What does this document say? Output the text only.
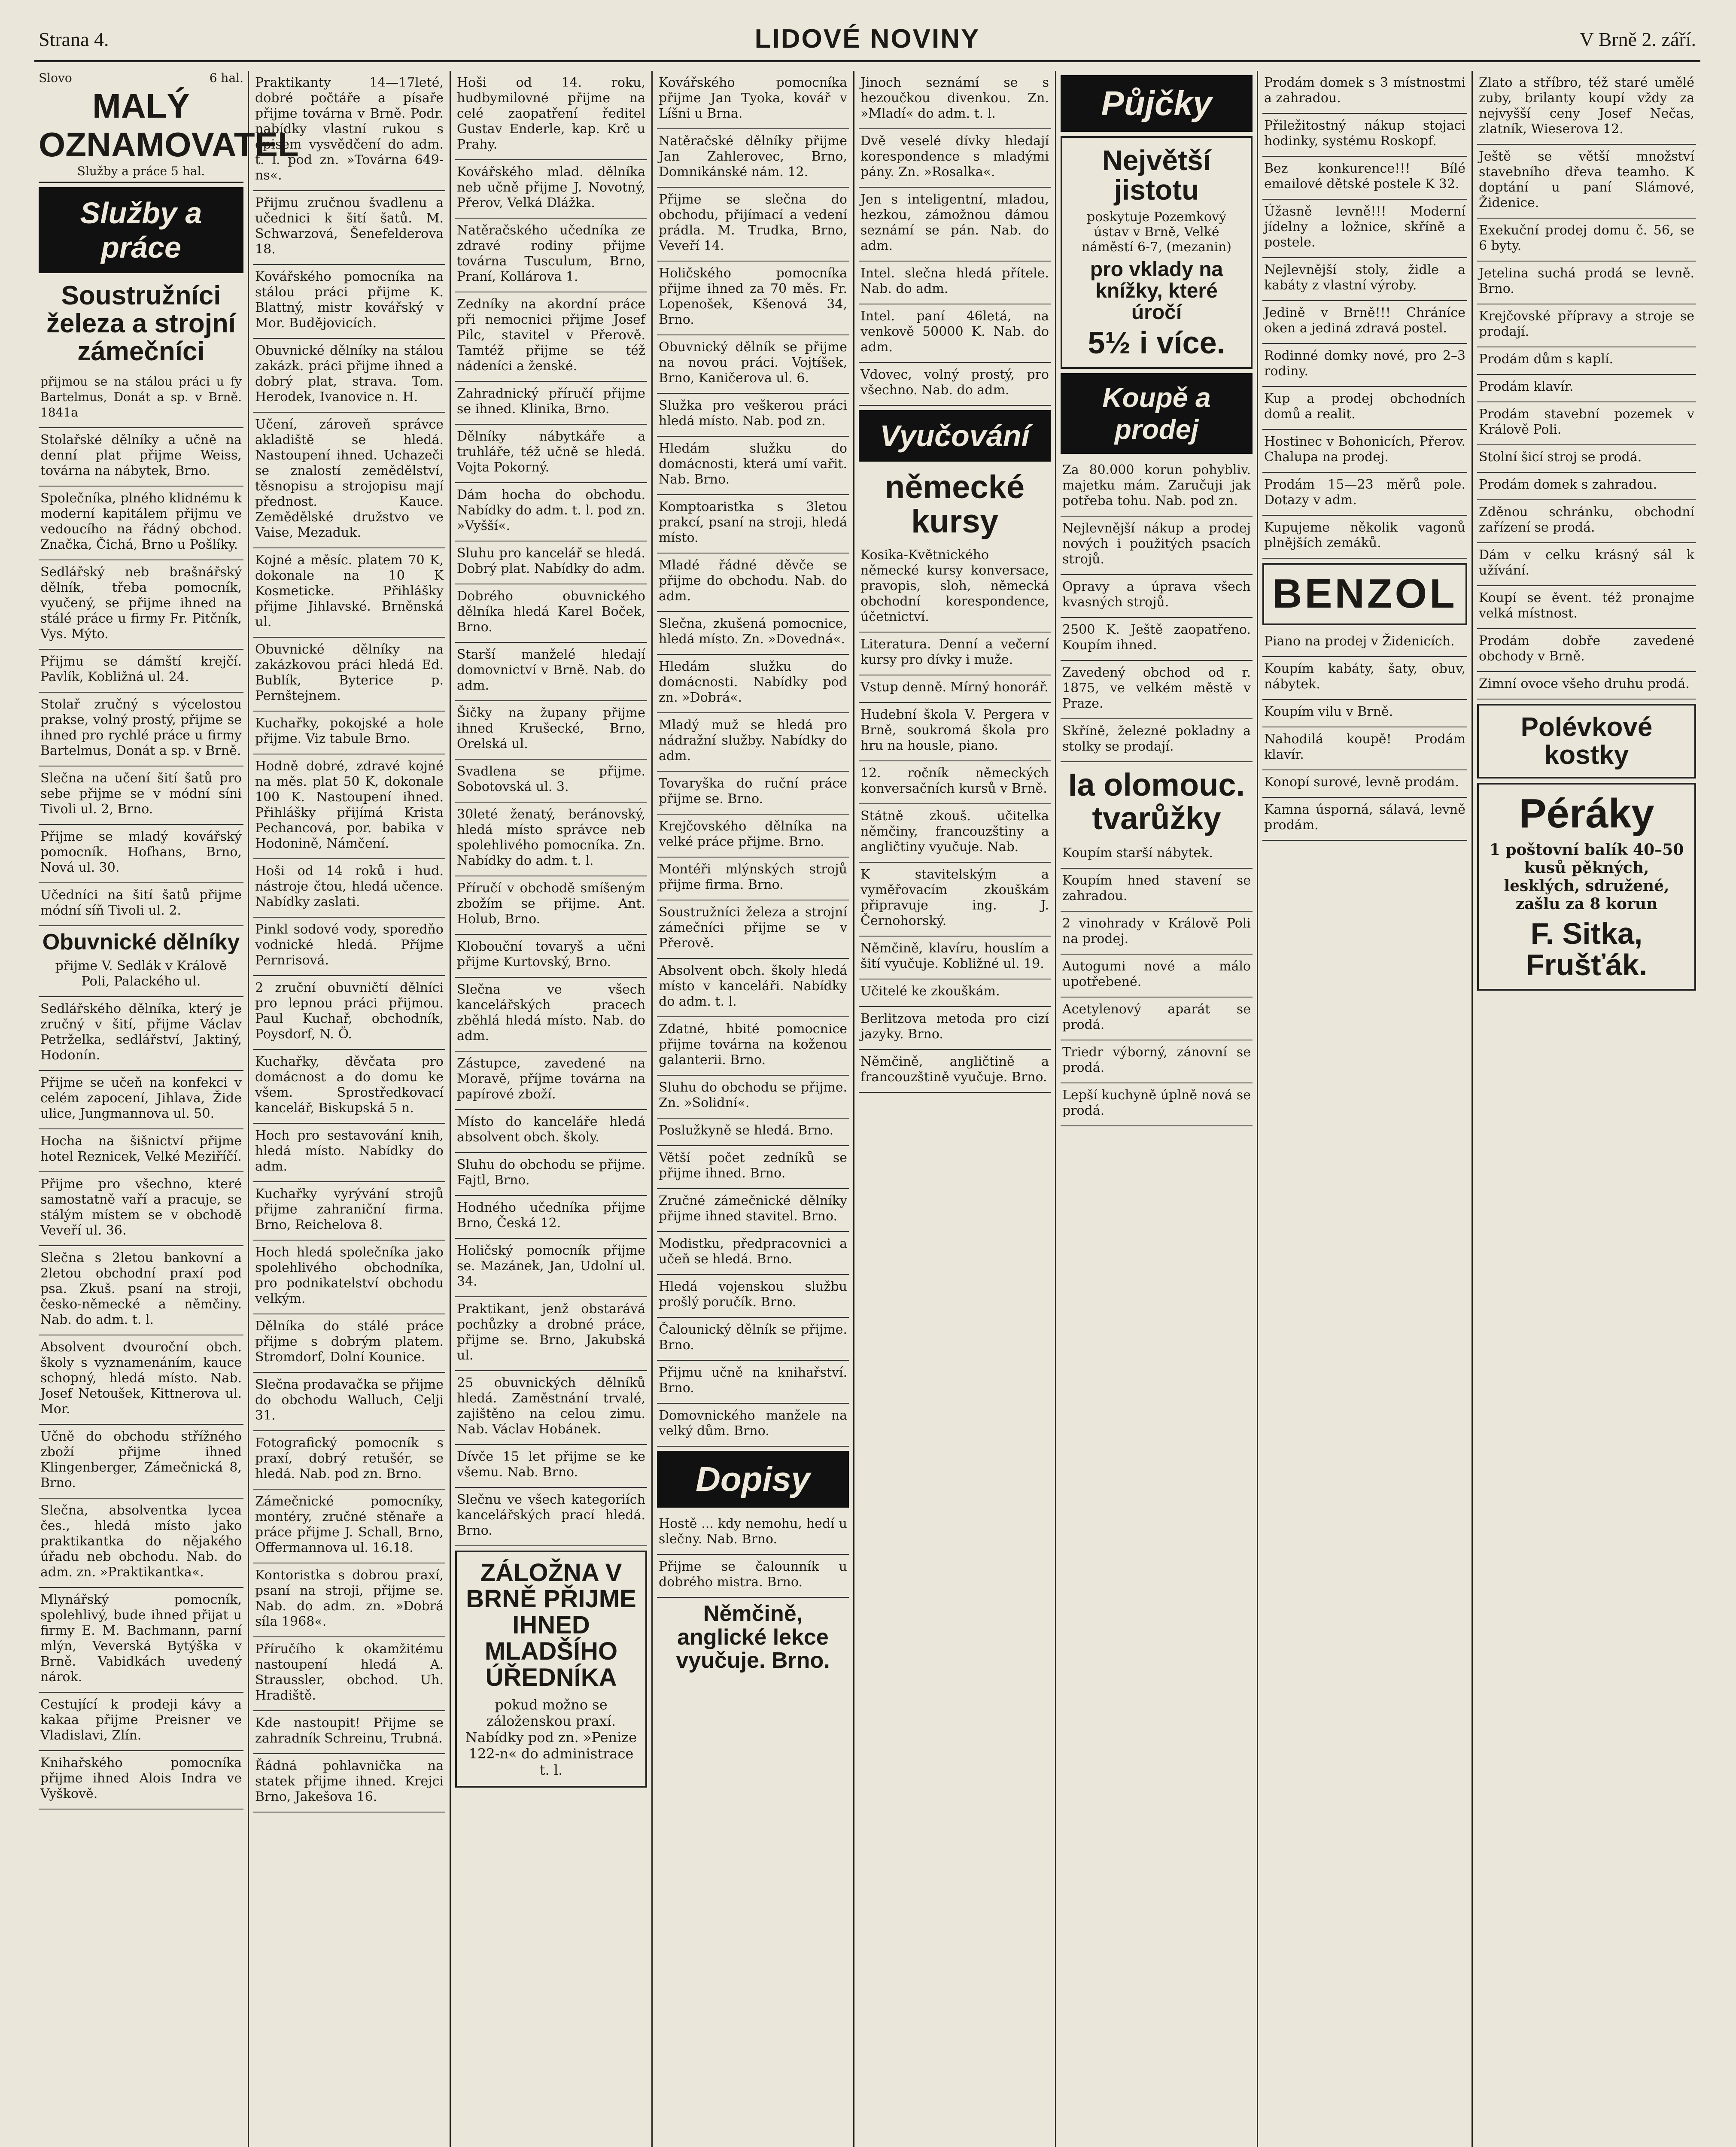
Strana 4.	LIDOVÉ NOVINY	V Brně 2. září.
Slovo	6 hal.
MALÝ OZNAMOVATEL
Služby a práce 5 hal.
Služby a práce
Soustružníci železa a strojní zámečníci
přijmou se na stálou práci u fy Bartelmus, Donát a sp. v Brně. 1841a
Stolařské dělníky a učně na denní plat přijme Weiss, továrna na nábytek, Brno.
Společníka, plného klidnému k moderní kapitálem přijmu ve vedoucího na řádný obchod. Značka, Čichá, Brno u Pošlíky.
Sedlářský neb brašnářský dělník, třeba pomocník, vyučený, se přijme ihned na stálé práce u firmy Fr. Pitčník, Vys. Mýto.
Přijmu se dámští krejčí. Pavlík, Kobližná ul. 24.
Stolař zručný s výcelostou prakse, volný prostý, přijme se ihned pro rychlé práce u firmy Bartelmus, Donát a sp. v Brně.
Slečna na učení šití šatů pro sebe přijme se v módní síni Tivoli ul. 2, Brno.
Přijme se mladý kovářský pomocník. Hofhans, Brno, Nová ul. 30.
Učedníci na šití šatů přijme módní síň Tivoli ul. 2.
Obuvnické dělníky
přijme V. Sedlák v Králově Poli, Palackého ul.
Sedlářského dělníka, který je zručný v šití, přijme Václav Petrželka, sedlářství, Jaktiný, Hodonín.
Přijme se učeň na konfekci v celém zapocení, Jihlava, Žide ulice, Jungmannova ul. 50.
Hocha na šišnictví přijme hotel Reznicek, Velké Meziříčí.
Přijme pro všechno, které samostatně vaří a pracuje, se stálým místem se v obchodě Veveří ul. 36.
Slečna s 2letou bankovní a 2letou obchodní praxí pod psa. Zkuš. psaní na stroji, česko-německé a němčiny. Nab. do adm. t. l.
Absolvent dvouroční obch. školy s vyznamenáním, kauce schopný, hledá místo. Nab. Josef Netoušek, Kittnerova ul. Mor.
Učně do obchodu střížného zboží přijme ihned Klingenberger, Zámečnická 8, Brno.
Slečna, absolventka lycea čes., hledá místo jako praktikantka do nějakého úřadu neb obchodu. Nab. do adm. zn. »Praktikantka«.
Mlynářský pomocník, spolehlivý, bude ihned přijat u firmy E. M. Bachmann, parní mlýn, Veverská Bytýška v Brně. Vabidkách uvedený nárok.
Cestující k prodeji kávy a kakaa přijme Preisner ve Vladislavi, Zlín.
Knihařského pomocníka přijme ihned Alois Indra ve Vyškově.
Praktikanty 14—17leté, dobré počtáře a písaře přijme továrna v Brně. Podr. nabídky vlastní rukou s opisem vysvědčení do adm. t. l. pod zn. »Továrna 649-ns«.
Přijmu zručnou švadlenu a učednici k šití šatů. M. Schwarzová, Šenefelderova 18.
Kovářského pomocníka na stálou práci přijme K. Blattný, mistr kovářský v Mor. Budějovicích.
Obuvnické dělníky na stálou zakázk. práci přijme ihned a dobrý plat, strava. Tom. Herodek, Ivanovice n. H.
Učení, zároveň správce akladiště se hledá. Nastoupení ihned. Uchazeči se znalostí zemědělství, těsnopisu a strojopisu mají přednost. Kauce. Zemědělské družstvo ve Vaise, Mezaduk.
Kojné a měsíc. platem 70 K, dokonale na 10 K Kosmeticke. Přihlášky přijme Jihlavské. Brněnská ul.
Obuvnické dělníky na zakázkovou práci hledá Ed. Bublík, Byterice p. Pernštejnem.
Kuchařky, pokojské a hole přijme. Viz tabule Brno.
Hodně dobré, zdravé kojné na měs. plat 50 K, dokonale 100 K. Nastoupení ihned. Přihlášky přijímá Krista Pechancová, por. babika v Hodonině, Námčení.
Hoši od 14 roků i hud. nástroje čtou, hledá učence. Nabídky zaslati.
Pinkl sodové vody, sporedňo vodnické hledá. Příjme Pernrisová.
2 zruční obuvničtí dělníci pro lepnou práci přijmou. Paul Kuchař, obchodník, Poysdorf, N. Ö.
Kuchařky, děvčata pro domácnost a do domu ke všem. Sprostředkovací kancelář, Biskupská 5 n.
Hoch pro sestavování knih, hledá místo. Nabídky do adm.
Kuchařky vyrývání strojů přijme zahraniční firma. Brno, Reichelova 8.
Hoch hledá společníka jako spolehlivého obchodníka, pro podnikatelství obchodu velkým.
Dělníka do stálé práce přijme s dobrým platem. Stromdorf, Dolní Kounice.
Slečna prodavačka se přijme do obchodu Walluch, Celji 31.
Fotografický pomocník s praxí, dobrý retušér, se hledá. Nab. pod zn. Brno.
Zámečnické pomocníky, montéry, zručné stěnaře a práce přijme J. Schall, Brno, Offermannova ul. 16.18.
Kontoristka s dobrou praxí, psaní na stroji, přijme se. Nab. do adm. zn. »Dobrá síla 1968«.
Příručího k okamžitému nastoupení hledá A. Straussler, obchod. Uh. Hradiště.
Kde nastoupit! Přijme se zahradník Schreinu, Trubná.
Řádná pohlavnička na statek přijme ihned. Krejci Brno, Jakešova 16.
Hoši od 14. roku, hudbymilovné přijme na celé zaopatření ředitel Gustav Enderle, kap. Krč u Prahy.
Kovářského mlad. dělníka neb učně přijme J. Novotný, Přerov, Velká Dlážka.
Natěračského učedníka ze zdravé rodiny přijme továrna Tusculum, Brno, Praní, Kollárova 1.
Zedníky na akordní práce při nemocnici přijme Josef Pilc, stavitel v Přerově. Tamtéž přijme se též nádeníci a ženské.
Zahradnický příručí přijme se ihned. Klinika, Brno.
Dělníky nábytkáře a truhláře, též učně se hledá. Vojta Pokorný.
Dám hocha do obchodu. Nabídky do adm. t. l. pod zn. »Vyšší«.
Sluhu pro kancelář se hledá. Dobrý plat. Nabídky do adm.
Dobrého obuvnického dělníka hledá Karel Boček, Brno.
Starší manželé hledají domovnictví v Brně. Nab. do adm.
Šičky na župany přijme ihned Krušecké, Brno, Orelská ul.
Svadlena se přijme. Sobotovská ul. 3.
30leté ženatý, beránovský, hledá místo správce neb spolehlivého pomocníka. Zn. Nabídky do adm. t. l.
Příručí v obchodě smíšeným zbožím se přijme. Ant. Holub, Brno.
Klobouční tovaryš a učni přijme Kurtovský, Brno.
Slečna ve všech kancelářských pracech zběhlá hledá místo. Nab. do adm.
Zástupce, zavedené na Moravě, příjme továrna na papírové zboží.
Místo do kanceláře hledá absolvent obch. školy.
Sluhu do obchodu se přijme. Fajtl, Brno.
Hodného učedníka přijme Brno, Česká 12.
Holičský pomocník přijme se. Mazánek, Jan, Udolní ul. 34.
Praktikant, jenž obstarává pochůzky a drobné práce, přijme se. Brno, Jakubská ul.
25 obuvnických dělníků hledá. Zaměstnání trvalé, zajištěno na celou zimu. Nab. Václav Hobánek.
Dívče 15 let přijme se ke všemu. Nab. Brno.
Slečnu ve všech kategoriích kancelářských prací hledá. Brno.
ZÁLOŽNA V BRNĚ PŘIJME IHNED MLADŠÍHO ÚŘEDNÍKA
pokud možno se záloženskou praxí. Nabídky pod zn. »Penize 122-n« do administrace t. l.
Kovářského pomocníka přijme Jan Tyoka, kovář v Líšni u Brna.
Natěračské dělníky přijme Jan Zahlerovec, Brno, Domnikánské nám. 12.
Přijme se slečna do obchodu, přijímací a vedení prádla. M. Trudka, Brno, Veveří 14.
Holičského pomocníka přijme ihned za 70 měs. Fr. Lopenošek, Kšenová 34, Brno.
Obuvnický dělník se přijme na novou práci. Vojtíšek, Brno, Kaničerova ul. 6.
Služka pro veškerou práci hledá místo. Nab. pod zn.
Hledám služku do domácnosti, která umí vařit. Nab. Brno.
Komptoaristka s 3letou prakcí, psaní na stroji, hledá místo.
Mladé řádné děvče se přijme do obchodu. Nab. do adm.
Slečna, zkušená pomocnice, hledá místo. Zn. »Dovedná«.
Hledám služku do domácnosti. Nabídky pod zn. »Dobrá«.
Mladý muž se hledá pro nádražní služby. Nabídky do adm.
Tovaryška do ruční práce přijme se. Brno.
Krejčovského dělníka na velké práce přijme. Brno.
Montéři mlýnských strojů přijme firma. Brno.
Soustružníci železa a strojní zámečníci přijme se v Přerově.
Absolvent obch. školy hledá místo v kanceláři. Nabídky do adm. t. l.
Zdatné, hbité pomocnice přijme továrna na koženou galanterii. Brno.
Sluhu do obchodu se přijme. Zn. »Solidní«.
Poslužkyně se hledá. Brno.
Větší počet zedníků se přijme ihned. Brno.
Zručné zámečnické dělníky přijme ihned stavitel. Brno.
Modistku, předpracovnici a učeň se hledá. Brno.
Hledá vojenskou službu prošlý poručík. Brno.
Čalounický dělník se přijme. Brno.
Přijmu učně na knihařství. Brno.
Domovnického manžele na velký dům. Brno.
Dopisy
Hostě ... kdy nemohu, hedí u slečny. Nab. Brno.
Přijme se čalounník u dobrého mistra. Brno.
Němčině, anglické lekce vyučuje. Brno.
Jinoch seznámí se s hezoučkou divenkou. Zn. »Mladí« do adm. t. l.
Dvě veselé dívky hledají korespondence s mladými pány. Zn. »Rosalka«.
Jen s inteligentní, mladou, hezkou, zámožnou dámou seznámí se pán. Nab. do adm.
Intel. slečna hledá přítele. Nab. do adm.
Intel. paní 46letá, na venkově 50000 K. Nab. do adm.
Vdovec, volný prostý, pro všechno. Nab. do adm.
Vyučování
německé kursy
Kosika-Květnického německé kursy konversace, pravopis, sloh, německá obchodní korespondence, účetnictví.
Literatura. Denní a večerní kursy pro dívky i muže.
Vstup denně. Mírný honorář.
Hudební škola V. Pergera v Brně, soukromá škola pro hru na housle, piano.
12. ročník německých konversačních kursů v Brně.
Státně zkouš. učitelka němčiny, francouzštiny a angličtiny vyučuje. Nab.
K stavitelským a vyměřovacím zkouškám připravuje ing. J. Černohorský.
Němčině, klavíru, houslím a šití vyučuje. Kobližné ul. 19.
Učitelé ke zkouškám.
Berlitzova metoda pro cizí jazyky. Brno.
Němčině, angličtině a francouzštině vyučuje. Brno.
Půjčky
Největší jistotu
poskytuje Pozemkový ústav v Brně, Velké náměstí 6-7, (mezanin)
pro vklady na knížky, které úročí
5½ i více.
Koupě a prodej
Za 80.000 korun pohybliv. majetku mám. Zaručuji jak potřeba tohu. Nab. pod zn.
Nejlevnější nákup a prodej nových i použitých psacích strojů.
Opravy a úprava všech kvasných strojů.
2500 K. Ještě zaopatřeno. Koupím ihned.
Zavedený obchod od r. 1875, ve velkém městě v Praze.
Skříně, železné pokladny a stolky se prodají.
Ia olomouc. tvarůžky
Koupím starší nábytek.
Koupím hned stavení se zahradou.
2 vinohrady v Králově Poli na prodej.
Autogumi nové a málo upotřebené.
Acetylenový aparát se prodá.
Triedr výborný, zánovní se prodá.
Lepší kuchyně úplně nová se prodá.
Prodám domek s 3 místnostmi a zahradou.
Přiležitostný nákup stojaci hodinky, systému Roskopf.
Bez konkurence!!! Bílé emailové dětské postele K 32.
Úžasně levně!!! Moderní jídelny a ložnice, skříně a postele.
Nejlevnější stoly, židle a kabáty z vlastní výroby.
Jedině v Brně!!! Chráníce oken a jediná zdravá postel.
Rodinné domky nové, pro 2–3 rodiny.
Kup a prodej obchodních domů a realit.
Hostinec v Bohonicích, Přerov. Chalupa na prodej.
Prodám 15—23 měrů pole. Dotazy v adm.
Kupujeme několik vagonů plnějších zemáků.
BENZOL
Piano na prodej v Židenicích.
Koupím kabáty, šaty, obuv, nábytek.
Koupím vilu v Brně.
Nahodilá koupě! Prodám klavír.
Konopí surové, levně prodám.
Kamna úsporná, sálavá, levně prodám.
Zlato a stříbro, též staré umělé zuby, brilanty koupí vždy za nejvyšší ceny Josef Nečas, zlatník, Wieserova 12.
Ještě se větší množství stavebního dřeva teamho. K doptání u paní Slámové, Židenice.
Exekuční prodej domu č. 56, se 6 byty.
Jetelina suchá prodá se levně. Brno.
Krejčovské přípravy a stroje se prodají.
Prodám dům s kaplí.
Prodám klavír.
Prodám stavební pozemek v Králově Poli.
Stolní šicí stroj se prodá.
Prodám domek s zahradou.
Zděnou schránku, obchodní zařízení se prodá.
Dám v celku krásný sál k užívání.
Koupí se ěvent. též pronajme velká místnost.
Prodám dobře zavedené obchody v Brně.
Zimní ovoce všeho druhu prodá.
Polévkové kostky
Péráky
1 poštovní balík 40–50 kusů pěkných, lesklých, sdružené, zašlu za 8 korun
F. Sitka, Frušťák.
